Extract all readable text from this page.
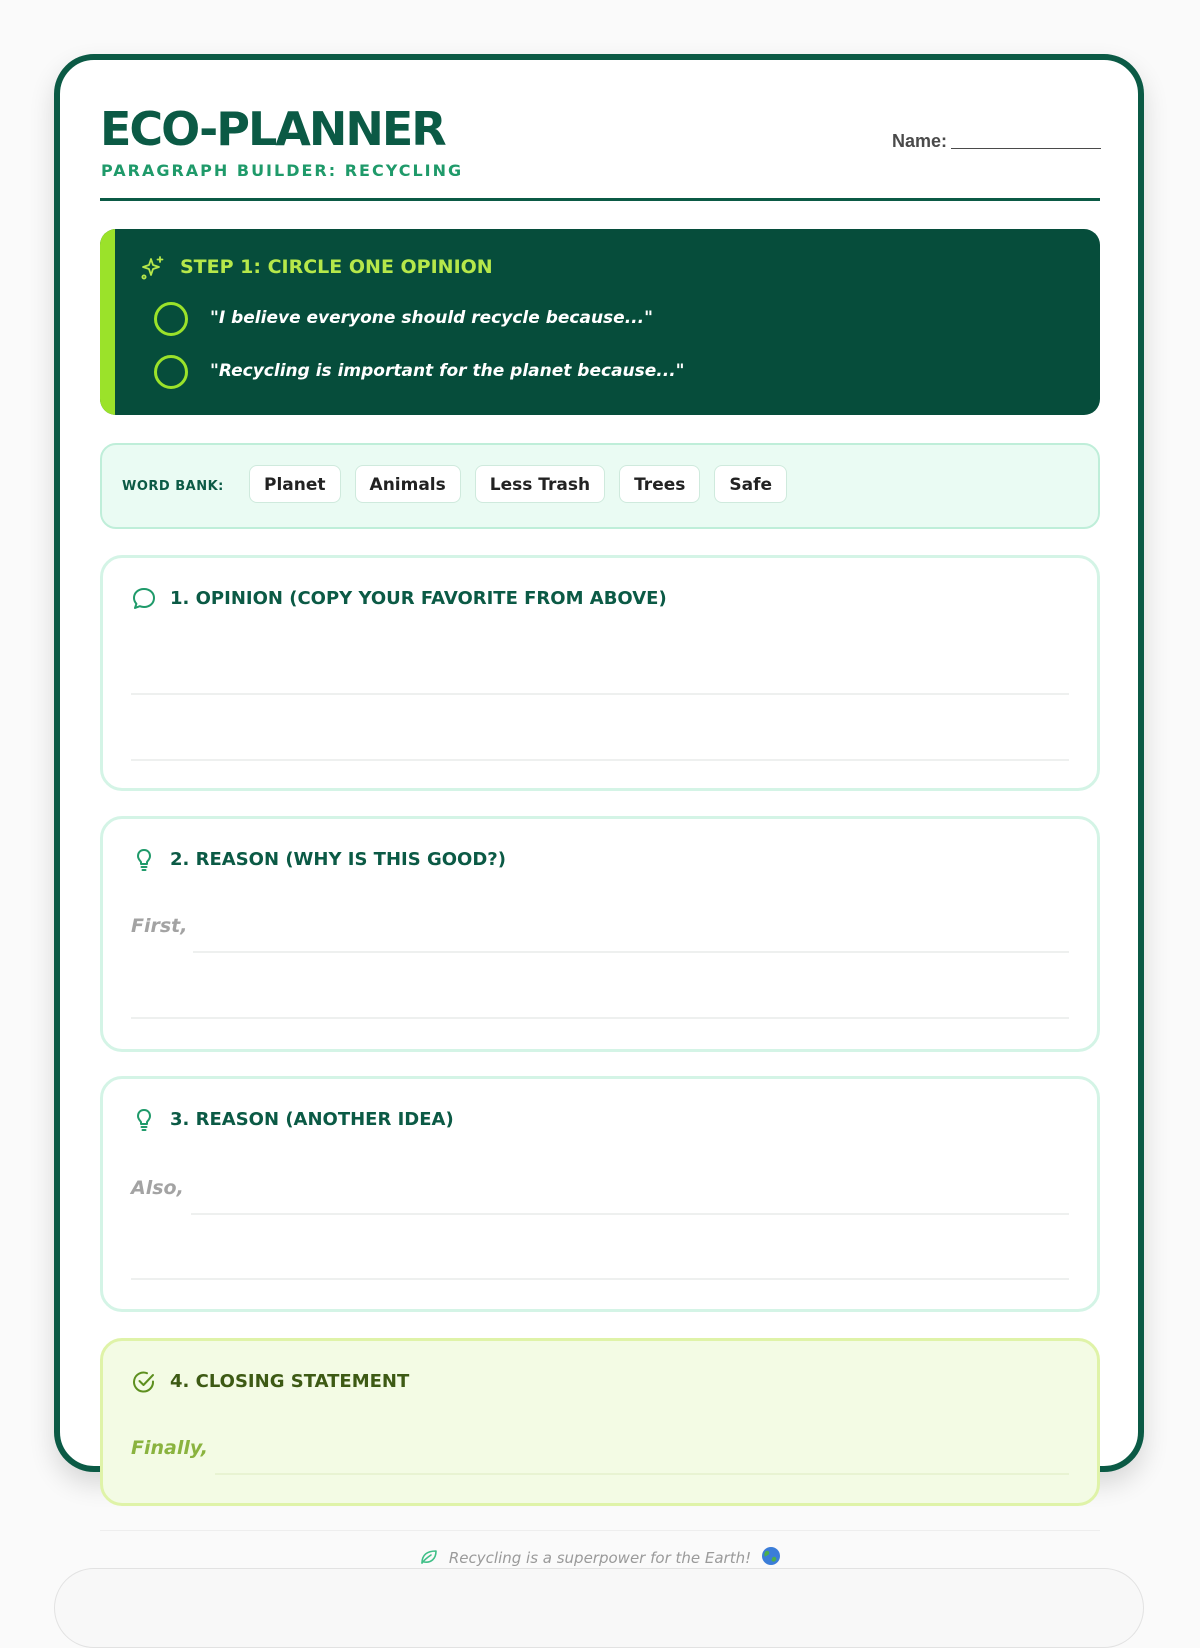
ECO-PLANNER
PARAGRAPH BUILDER: RECYCLING
Name:
STEP 1: CIRCLE ONE OPINION
"I believe everyone should recycle because..."
"Recycling is important for the planet because..."
WORD BANK:	Planet	Animals	Less Trash	Trees	Safe
1. OPINION (COPY YOUR FAVORITE FROM ABOVE)
2. REASON (WHY IS THIS GOOD?)
First,
3. REASON (ANOTHER IDEA)
Also,
4. CLOSING STATEMENT
Finally,
Recycling is a superpower for the Earth!
